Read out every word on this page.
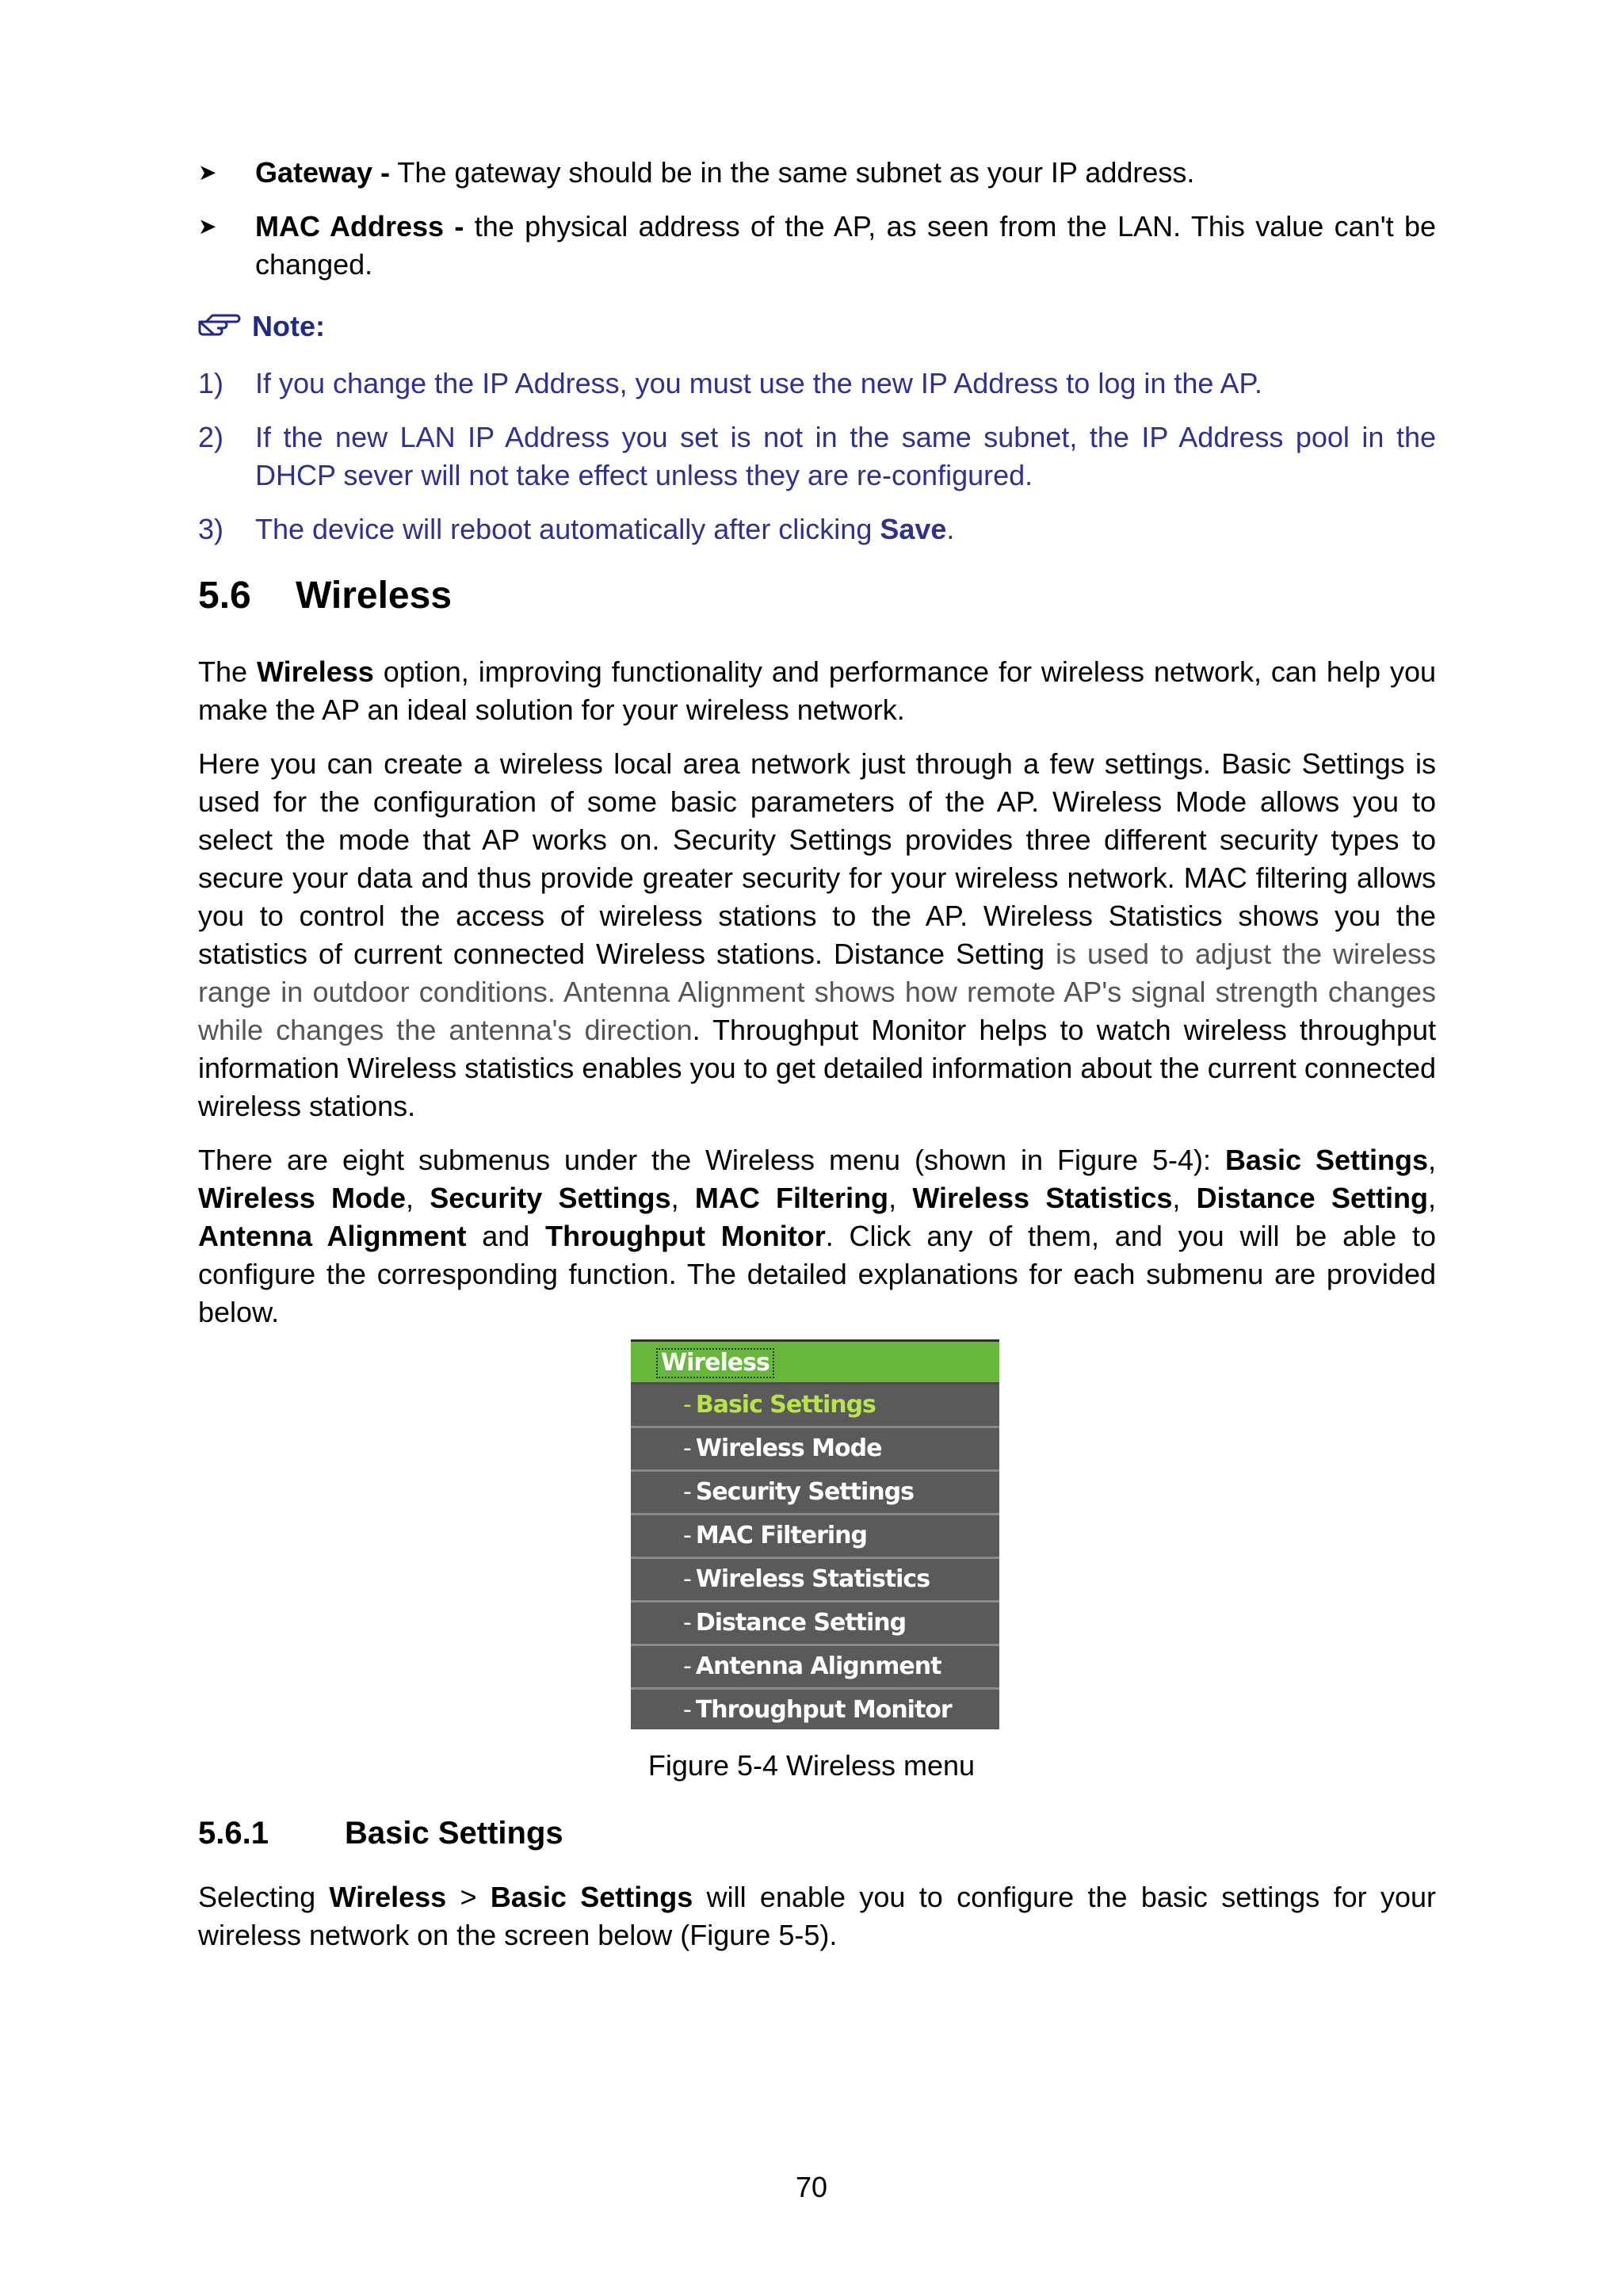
➤ Gateway - The gateway should be in the same subnet as your IP address.
➤ MAC Address - the physical address of the AP, as seen from the LAN. This value can't be changed.
Note:
1) If you change the IP Address, you must use the new IP Address to log in the AP.
2) If the new LAN IP Address you set is not in the same subnet, the IP Address pool in the DHCP sever will not take effect unless they are re-configured.
3) The device will reboot automatically after clicking Save.
5.6 Wireless
The Wireless option, improving functionality and performance for wireless network, can help you make the AP an ideal solution for your wireless network.
Here you can create a wireless local area network just through a few settings. Basic Settings is used for the configuration of some basic parameters of the AP. Wireless Mode allows you to select the mode that AP works on. Security Settings provides three different security types to secure your data and thus provide greater security for your wireless network. MAC filtering allows you to control the access of wireless stations to the AP. Wireless Statistics shows you the statistics of current connected Wireless stations. Distance Setting is used to adjust the wireless range in outdoor conditions. Antenna Alignment shows how remote AP's signal strength changes while changes the antenna's direction. Throughput Monitor helps to watch wireless throughput information Wireless statistics enables you to get detailed information about the current connected wireless stations.
There are eight submenus under the Wireless menu (shown in Figure 5-4): Basic Settings, Wireless Mode, Security Settings, MAC Filtering, Wireless Statistics, Distance Setting, Antenna Alignment and Throughput Monitor. Click any of them, and you will be able to configure the corresponding function. The detailed explanations for each submenu are provided below.
Wireless
- Basic Settings
- Wireless Mode
- Security Settings
- MAC Filtering
- Wireless Statistics
- Distance Setting
- Antenna Alignment
- Throughput Monitor
Figure 5-4 Wireless menu
5.6.1 Basic Settings
Selecting Wireless > Basic Settings will enable you to configure the basic settings for your wireless network on the screen below (Figure 5-5).
70
